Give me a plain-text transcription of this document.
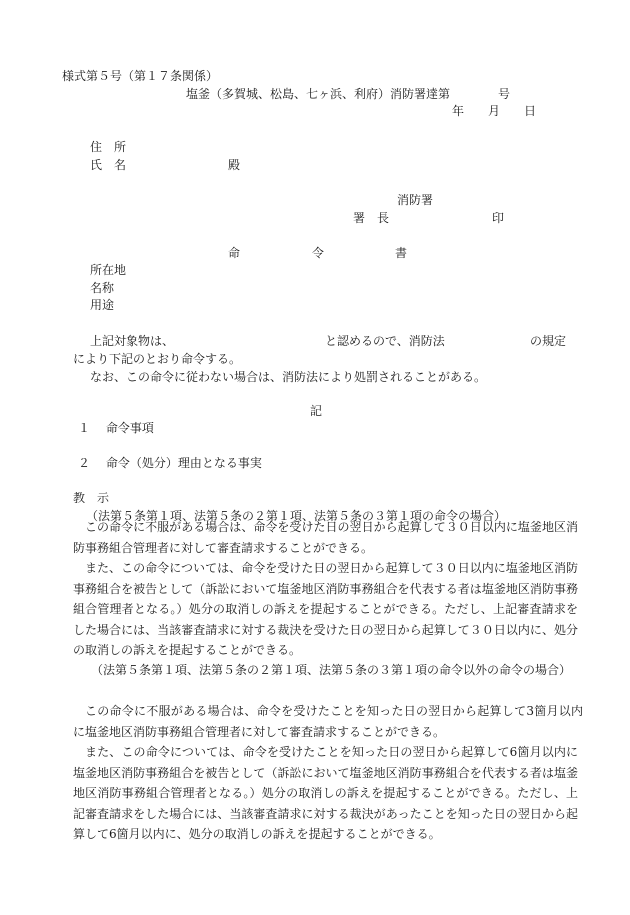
様式第５号（第１７条関係）
塩釜（多賀城、松島、七ヶ浜、利府）消防署達第　　　　号
年　　月　　日
住　所
氏　名	殿
消防署
署　長	印
命	令	書
所在地
名称
用途
上記対象物は、	と認めるので、消防法	の規定
により下記のとおり命令する。
なお、この命令に従わない場合は、消防法により処罰されることがある。
記
１　 命令事項
２　 命令（処分）理由となる事実
教　示
（法第５条第１項、法第５条の２第１項、法第５条の３第１項の命令の場合）
この命令に不服がある場合は、命令を受けた日の翌日から起算して３０日以内に塩釜地区消防事務組合管理者に対して審査請求することができる。
また、この命令については、命令を受けた日の翌日から起算して３０日以内に塩釜地区消防事務組合を被告として（訴訟において塩釜地区消防事務組合を代表する者は塩釜地区消防事務組合管理者となる。）処分の取消しの訴えを提起することができる。ただし、上記審査請求をした場合には、当該審査請求に対する裁決を受けた日の翌日から起算して３０日以内に、処分の取消しの訴えを提起することができる。
（法第５条第１項、法第５条の２第１項、法第５条の３第１項の命令以外の命令の場合）
この命令に不服がある場合は、命令を受けたことを知った日の翌日から起算して3箇月以内に塩釜地区消防事務組合管理者に対して審査請求することができる。
また、この命令については、命令を受けたことを知った日の翌日から起算して6箇月以内に塩釜地区消防事務組合を被告として（訴訟において塩釜地区消防事務組合を代表する者は塩釜地区消防事務組合管理者となる。）処分の取消しの訴えを提起することができる。ただし、上記審査請求をした場合には、当該審査請求に対する裁決があったことを知った日の翌日から起算して6箇月以内に、処分の取消しの訴えを提起することができる。
